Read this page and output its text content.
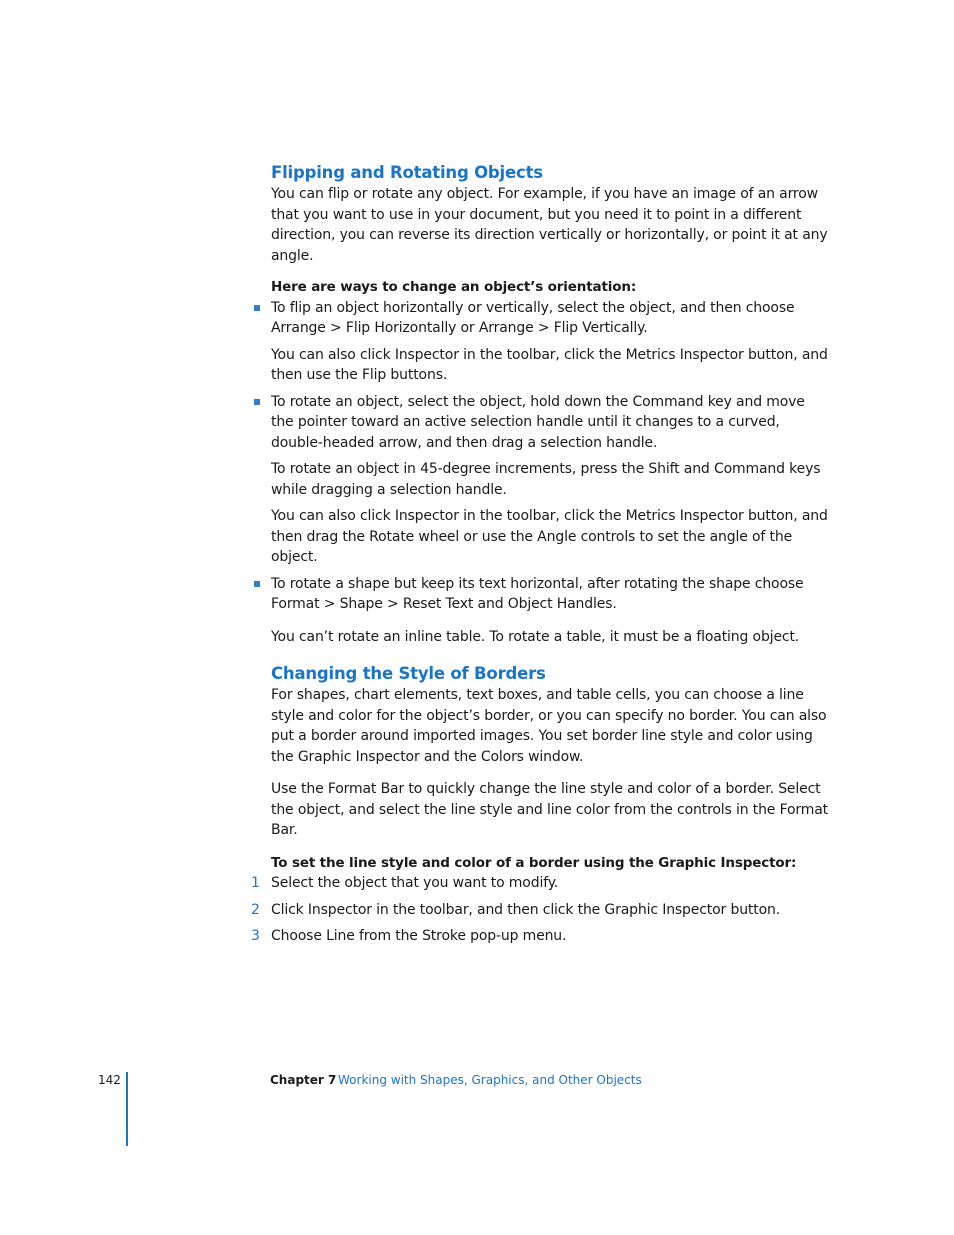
Flipping and Rotating Objects

You can flip or rotate any object. For example, if you have an image of an arrow that you want to use in your document, but you need it to point in a different direction, you can reverse its direction vertically or horizontally, or point it at any angle.

Here are ways to change an object’s orientation:

To flip an object horizontally or vertically, select the object, and then choose Arrange > Flip Horizontally or Arrange > Flip Vertically.

You can also click Inspector in the toolbar, click the Metrics Inspector button, and then use the Flip buttons.

To rotate an object, select the object, hold down the Command key and move the pointer toward an active selection handle until it changes to a curved, double-headed arrow, and then drag a selection handle.

To rotate an object in 45-degree increments, press the Shift and Command keys while dragging a selection handle.

You can also click Inspector in the toolbar, click the Metrics Inspector button, and then drag the Rotate wheel or use the Angle controls to set the angle of the object.

To rotate a shape but keep its text horizontal, after rotating the shape choose Format > Shape > Reset Text and Object Handles.

You can’t rotate an inline table. To rotate a table, it must be a floating object.

Changing the Style of Borders

For shapes, chart elements, text boxes, and table cells, you can choose a line style and color for the object’s border, or you can specify no border. You can also put a border around imported images. You set border line style and color using the Graphic Inspector and the Colors window.

Use the Format Bar to quickly change the line style and color of a border. Select the object, and select the line style and line color from the controls in the Format Bar.

To set the line style and color of a border using the Graphic Inspector:

1 Select the object that you want to modify.

2 Click Inspector in the toolbar, and then click the Graphic Inspector button.

3 Choose Line from the Stroke pop-up menu.

142	Chapter 7 Working with Shapes, Graphics, and Other Objects
